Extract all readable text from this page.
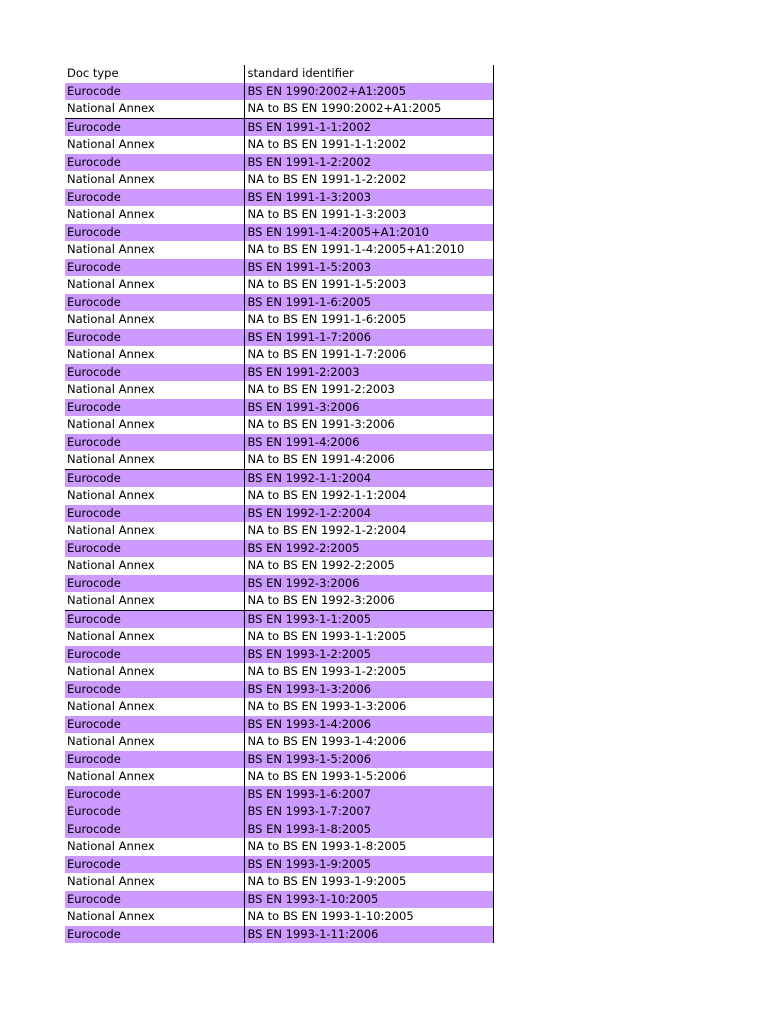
Doc type	standard identifier
Eurocode	BS EN 1990:2002+A1:2005
National Annex	NA to BS EN 1990:2002+A1:2005
Eurocode	BS EN 1991-1-1:2002
National Annex	NA to BS EN 1991-1-1:2002
Eurocode	BS EN 1991-1-2:2002
National Annex	NA to BS EN 1991-1-2:2002
Eurocode	BS EN 1991-1-3:2003
National Annex	NA to BS EN 1991-1-3:2003
Eurocode	BS EN 1991-1-4:2005+A1:2010
National Annex	NA to BS EN 1991-1-4:2005+A1:2010
Eurocode	BS EN 1991-1-5:2003
National Annex	NA to BS EN 1991-1-5:2003
Eurocode	BS EN 1991-1-6:2005
National Annex	NA to BS EN 1991-1-6:2005
Eurocode	BS EN 1991-1-7:2006
National Annex	NA to BS EN 1991-1-7:2006
Eurocode	BS EN 1991-2:2003
National Annex	NA to BS EN 1991-2:2003
Eurocode	BS EN 1991-3:2006
National Annex	NA to BS EN 1991-3:2006
Eurocode	BS EN 1991-4:2006
National Annex	NA to BS EN 1991-4:2006
Eurocode	BS EN 1992-1-1:2004
National Annex	NA to BS EN 1992-1-1:2004
Eurocode	BS EN 1992-1-2:2004
National Annex	NA to BS EN 1992-1-2:2004
Eurocode	BS EN 1992-2:2005
National Annex	NA to BS EN 1992-2:2005
Eurocode	BS EN 1992-3:2006
National Annex	NA to BS EN 1992-3:2006
Eurocode	BS EN 1993-1-1:2005
National Annex	NA to BS EN 1993-1-1:2005
Eurocode	BS EN 1993-1-2:2005
National Annex	NA to BS EN 1993-1-2:2005
Eurocode	BS EN 1993-1-3:2006
National Annex	NA to BS EN 1993-1-3:2006
Eurocode	BS EN 1993-1-4:2006
National Annex	NA to BS EN 1993-1-4:2006
Eurocode	BS EN 1993-1-5:2006
National Annex	NA to BS EN 1993-1-5:2006
Eurocode	BS EN 1993-1-6:2007
Eurocode	BS EN 1993-1-7:2007
Eurocode	BS EN 1993-1-8:2005
National Annex	NA to BS EN 1993-1-8:2005
Eurocode	BS EN 1993-1-9:2005
National Annex	NA to BS EN 1993-1-9:2005
Eurocode	BS EN 1993-1-10:2005
National Annex	NA to BS EN 1993-1-10:2005
Eurocode	BS EN 1993-1-11:2006
